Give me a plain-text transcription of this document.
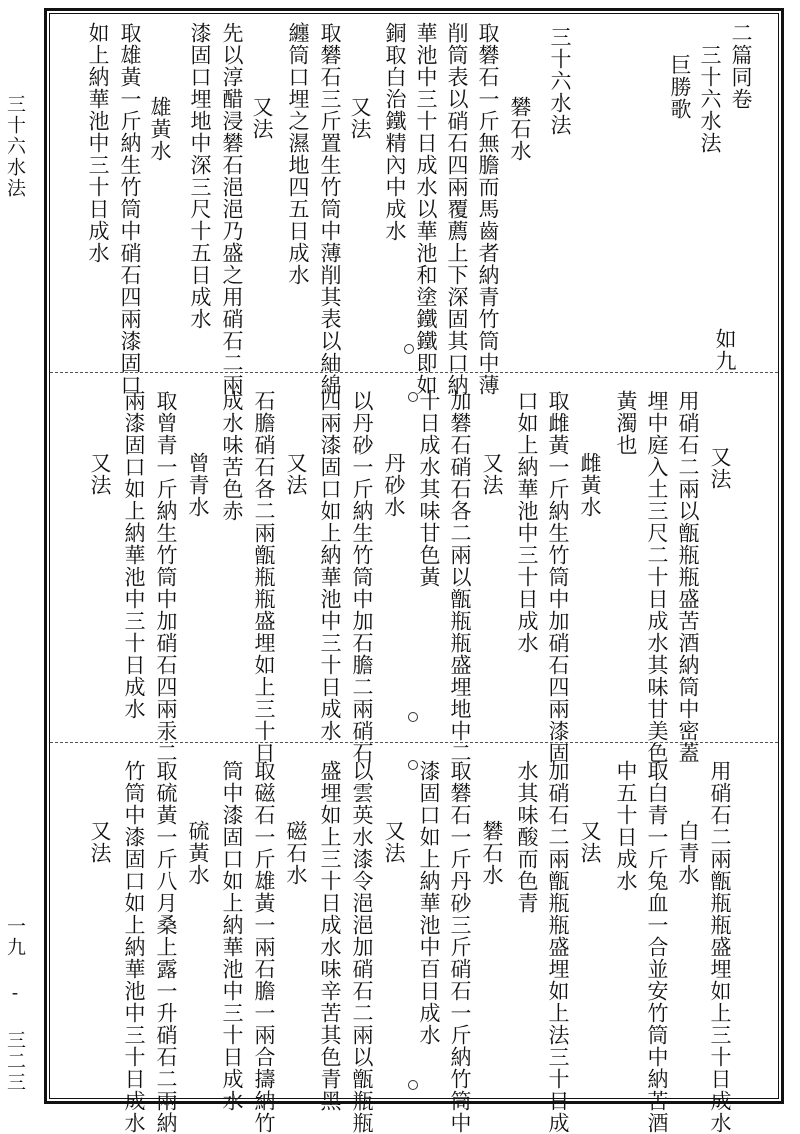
三十六水法
一九 - 三二三
二篇同卷
三十六水法
巨勝歌
如九
三十六水法
礬石水
取礬石一斤無膽而馬齒者納青竹筒中薄
削筒表以硝石四兩覆薦上下深固其口納
華池中三十日成水以華池和塗鐵鐵即如
銅取白治鐵精內中成水
又法
取礬石三斤置生竹筒中薄削其表以紬綿
纏筒口埋之濕地四五日成水
又法
先以淳醋浸礬石浥浥乃盛之用硝石二兩
漆固口埋地中深三尺十五日成水
雄黃水
取雄黃一斤納生竹筒中硝石四兩漆固口
如上納華池中三十日成水
又法
用硝石二兩以甑瓶瓶盛苦酒納筒中密蓋
埋中庭入土三尺二十日成水其味甘美色
黃濁也
雌黃水
取雌黃一斤納生竹筒中加硝石四兩漆固
口如上納華池中三十日成水
又法
加礬石硝石各二兩以甑瓶瓶盛埋地中二
十日成水其味甘色黃
丹砂水
以丹砂一斤納生竹筒中加石膽二兩硝石
四兩漆固口如上納華池中三十日成水
又法
石膽硝石各二兩甑瓶瓶盛埋如上三十日
成水味苦色赤
曾青水
取曾青一斤納生竹筒中加硝石四兩汞二
兩漆固口如上納華池中三十日成水
又法
用硝石二兩甑瓶瓶盛埋如上三十日成水
白青水
取白青一斤兔血一合並安竹筒中納苦酒
中五十日成水
又法
加硝石二兩甑瓶瓶盛埋如上法三十日成
水其味酸而色青
礬石水
取礬石一斤丹砂三斤硝石一斤納竹筒中
漆固口如上納華池中百日成水
又法
以雲英水漆令浥浥加硝石二兩以甑瓶瓶
盛埋如上三十日成水味辛苦其色青黑
磁石水
取磁石一斤雄黃一兩石膽一兩合擣納竹
筒中漆固口如上納華池中三十日成水
硫黃水
取硫黃一斤八月桑上露一升硝石二兩納
竹筒中漆固口如上納華池中三十日成水
又法
